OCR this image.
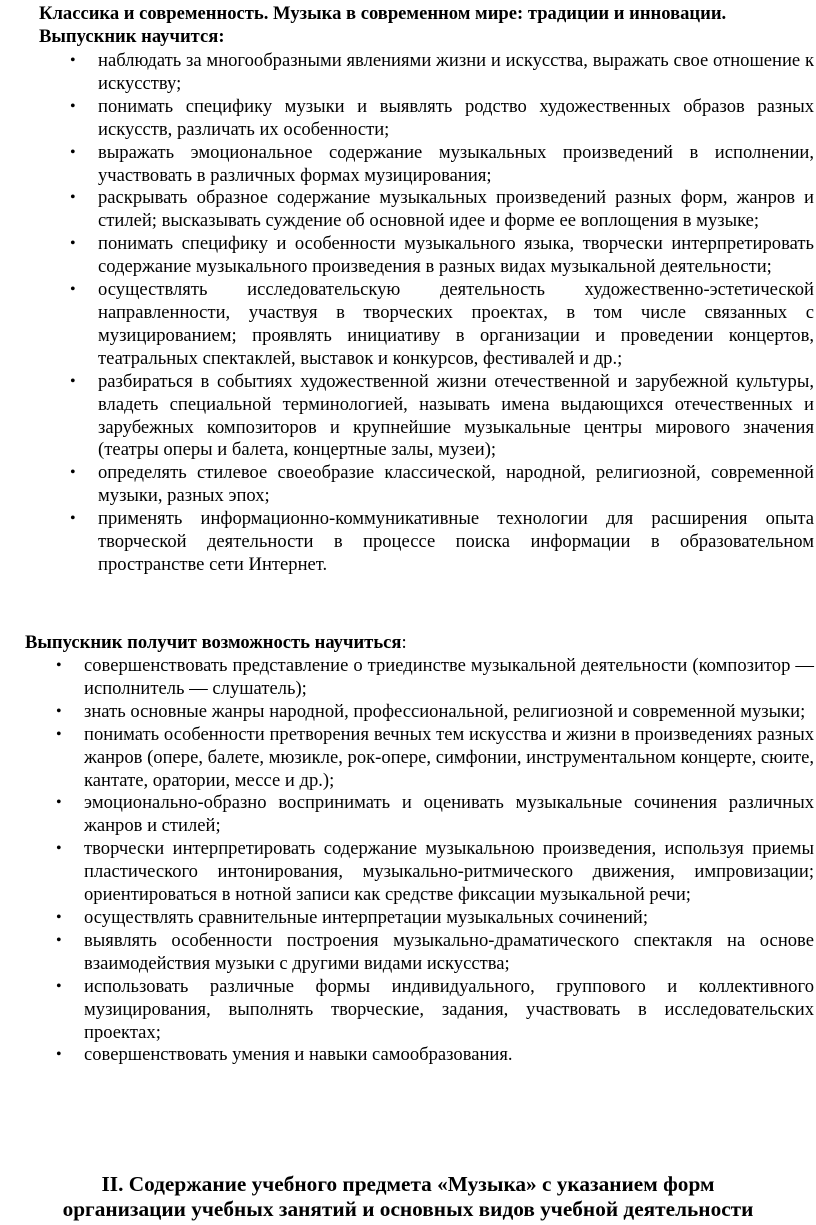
Классика и современность. Музыка в современном мире: традиции и инновации.
Выпускник научится:
• наблюдать за многообразными явлениями жизни и искусства, выражать свое отношение к искусству;
• понимать специфику музыки и выявлять родство художественных образов разных искусств, различать их особенности;
• выражать эмоциональное содержание музыкальных произведений в исполнении, участвовать в различных формах музицирования;
• раскрывать образное содержание музыкальных произведений разных форм, жанров и стилей; высказывать суждение об основной идее и форме ее воплощения в музыке;
• понимать специфику и особенности музыкального языка, творчески интерпретировать содержание музыкального произведения в разных видах музыкальной деятельности;
• осуществлять исследовательскую деятельность художественно-эстетической направленности, участвуя в творческих проектах, в том числе связанных с музицированием; проявлять инициативу в организации и проведении концертов, театральных спектаклей, выставок и конкурсов, фестивалей и др.;
• разбираться в событиях художественной жизни отечественной и зарубежной культуры, владеть специальной терминологией, называть имена выдающихся отечественных и зарубежных композиторов и крупнейшие музыкальные центры мирового значения (театры оперы и балета, концертные залы, музеи);
• определять стилевое своеобразие классической, народной, религиозной, современной музыки, разных эпох;
• применять информационно-коммуникативные технологии для расширения опыта творческой деятельности в процессе поиска информации в образовательном пространстве сети Интернет.
Выпускник получит возможность научиться:
• совершенствовать представление о триединстве музыкальной деятельности (композитор — исполнитель — слушатель);
• знать основные жанры народной, профессиональной, религиозной и современной музыки;
• понимать особенности претворения вечных тем искусства и жизни в произведениях разных жанров (опере, балете, мюзикле, рок-опере, симфонии, инструментальном концерте, сюите, кантате, оратории, мессе и др.);
• эмоционально-образно воспринимать и оценивать музыкальные сочинения различных жанров и стилей;
• творчески интерпретировать содержание музыкальною произведения, используя приемы пластического интонирования, музыкально-ритмического движения, импровизации; ориентироваться в нотной записи как средстве фиксации музыкальной речи;
• осуществлять сравнительные интерпретации музыкальных сочинений;
• выявлять особенности построения музыкально-драматического спектакля на основе взаимодействия музыки с другими видами искусства;
• использовать различные формы индивидуального, группового и коллективного музицирования, выполнять творческие, задания, участвовать в исследовательских проектах;
• совершенствовать умения и навыки самообразования.
II. Содержание учебного предмета «Музыка» с указанием форм
организации учебных занятий и основных видов учебной деятельности
